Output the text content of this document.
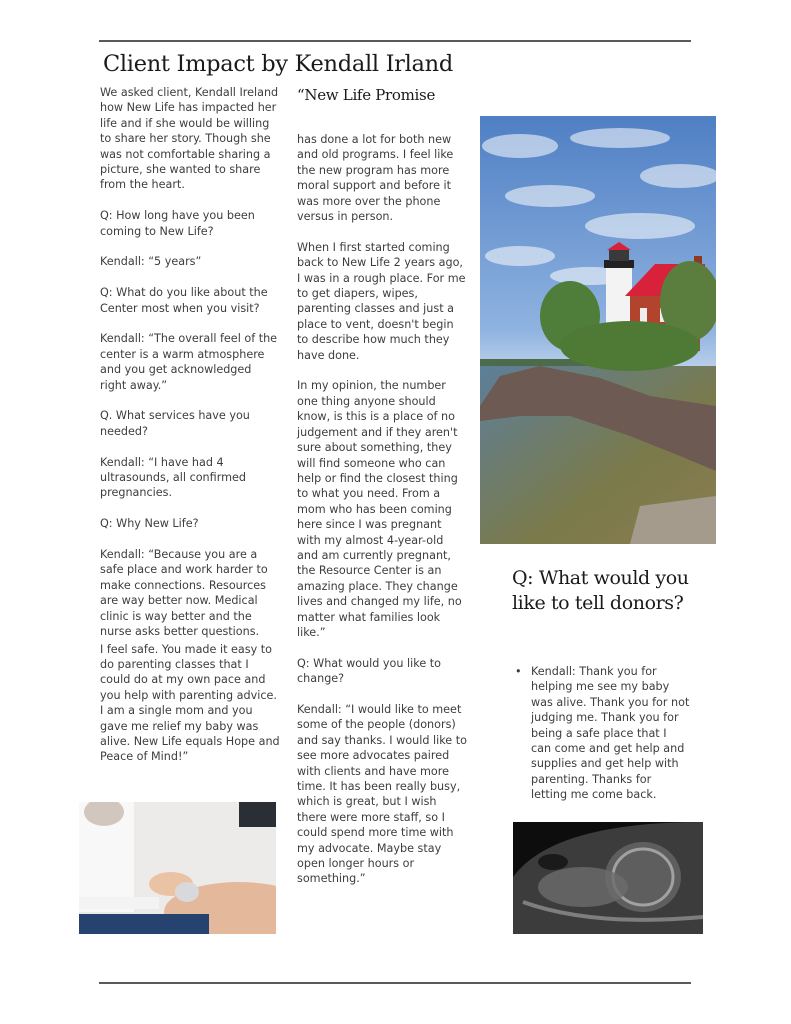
Client Impact by Kendall Irland

We asked client, Kendall Ireland how New Life has impacted her life and if she would be willing to share her story. Though she was not comfortable sharing a picture, she wanted to share from the heart.

Q: How long have you been coming to New Life?

Kendall: “5 years”

Q: What do you like about the Center most when you visit?

Kendall: “The overall feel of the center is a warm atmosphere and you get acknowledged right away.”

Q. What services have you needed?

Kendall: “I have had 4 ultrasounds, all confirmed pregnancies.

Q: Why New Life?

Kendall: “Because you are a safe place and work harder to make connections. Resources are way better now. Medical clinic is way better and the nurse asks better questions.

I feel safe. You made it easy to do parenting classes that I could do at my own pace and you help with parenting advice. I am a single mom and you gave me relief my baby was alive. New Life equals Hope and Peace of Mind!”

“New Life Promise

has done a lot for both new and old programs. I feel like the new program has more moral support and before it was more over the phone versus in person.

When I first started coming back to New Life 2 years ago, I was in a rough place. For me to get diapers, wipes, parenting classes and just a place to vent, doesn't begin to describe how much they have done.

In my opinion, the number one thing anyone should know, is this is a place of no judgement and if they aren't sure about something, they will find someone who can help or find the closest thing to what you need. From a mom who has been coming here since I was pregnant with my almost 4-year-old and am currently pregnant, the Resource Center is an amazing place. They change lives and changed my life, no matter what families look like.”

Q: What would you like to change?

Kendall: “I would like to meet some of the people (donors) and say thanks. I would like to see more advocates paired with clients and have more time. It has been really busy, which is great, but I wish there were more staff, so I could spend more time with my advocate. Maybe stay open longer hours or something.”

Q: What would you like to tell donors?
• Kendall: Thank you for helping me see my baby was alive. Thank you for not judging me. Thank you for being a safe place that I can come and get help and supplies and get help with parenting. Thanks for letting me come back.
